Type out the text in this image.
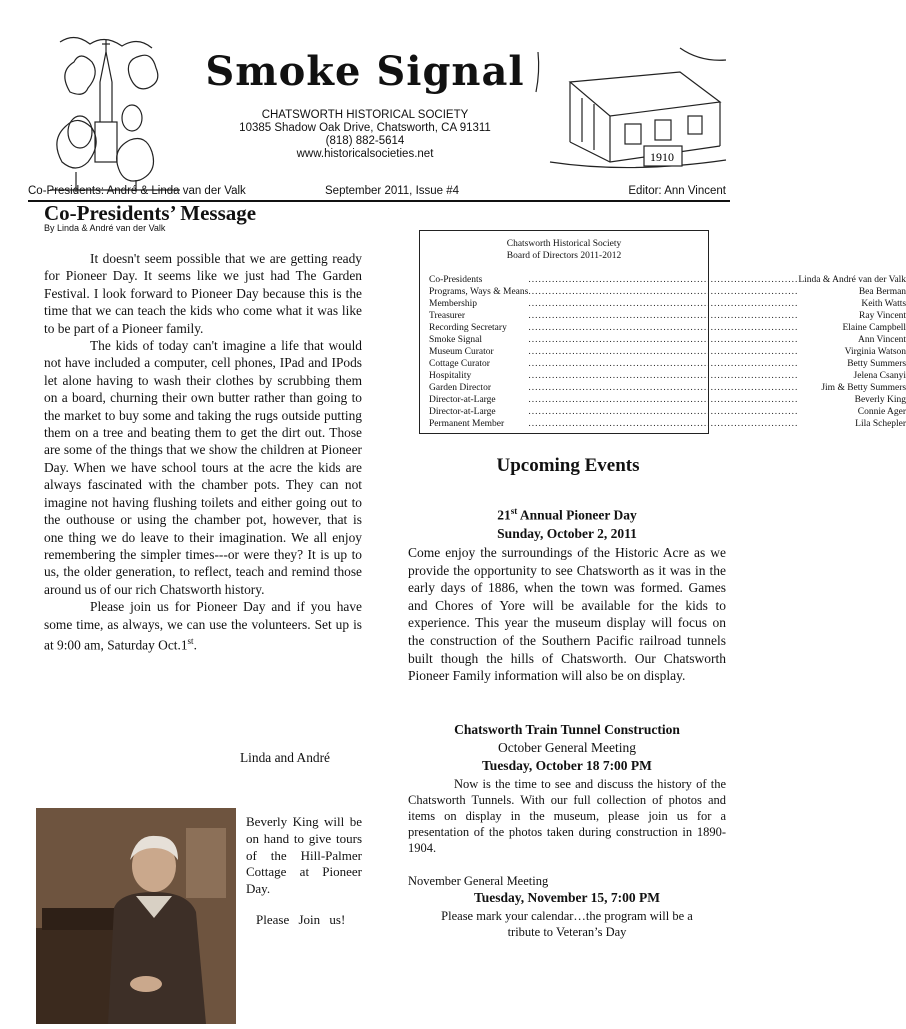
1910
Smoke Signal
CHATSWORTH HISTORICAL SOCIETY
10385 Shadow Oak Drive, Chatsworth, CA 91311
(818) 882-5614
www.historicalsocieties.net
Co-Presidents: André & Linda van der Valk	September 2011, Issue #4	Editor: Ann Vincent
Co-Presidents’ Message
By Linda & André van der Valk

It doesn't seem possible that we are getting ready for Pioneer Day. It seems like we just had The Garden Festival. I look forward to Pioneer Day because this is the time that we can teach the kids who come what it was like to be part of a Pioneer family.

The kids of today can't imagine a life that would not have included a computer, cell phones, IPad and IPods let alone having to wash their clothes by scrubbing them on a board, churning their own butter rather than going to the market to buy some and taking the rugs outside putting them on a tree and beating them to get the dirt out. Those are some of the things that we show the children at Pioneer Day. When we have school tours at the acre the kids are always fascinated with the chamber pots. They can not imagine not having flushing toilets and either going out to the outhouse or using the chamber pot, however, that is one thing we do leave to their imagination. We all enjoy remembering the simpler times---or were they? It is up to us, the older generation, to reflect, teach and remind those around us of our rich Chatsworth history.

Please join us for Pioneer Day and if you have some time, as always, we can use the volunteers. Set up is at 9:00 am, Saturday Oct.1st.

Linda and André
Beverly King will be on hand to give tours of the Hill-Palmer Cottage at Pioneer Day.
Please Join us!
Chatsworth Historical Society
Board of Directors 2011-2012
Co-Presidents	................................................................................	Linda & André van der Valk
Programs, Ways & Means	................................................................................	Bea Berman
Membership	................................................................................	Keith Watts
Treasurer	................................................................................	Ray Vincent
Recording Secretary	................................................................................	Elaine Campbell
Smoke Signal	................................................................................	Ann Vincent
Museum Curator	................................................................................	Virginia Watson
Cottage Curator	................................................................................	Betty Summers
Hospitality	................................................................................	Jelena Csanyi
Garden Director	................................................................................	Jim & Betty Summers
Director-at-Large	................................................................................	Beverly King
Director-at-Large	................................................................................	Connie Ager
Permanent Member	................................................................................	Lila Schepler
Upcoming Events
21st Annual Pioneer Day
Sunday, October 2, 2011
Come enjoy the surroundings of the Historic Acre as we provide the opportunity to see Chatsworth as it was in the early days of 1886, when the town was formed. Games and Chores of Yore will be available for the kids to experience. This year the museum display will focus on the construction of the Southern Pacific railroad tunnels built though the hills of Chatsworth. Our Chatsworth Pioneer Family information will also be on display.
Chatsworth Train Tunnel Construction
October General Meeting
Tuesday, October 18 7:00 PM
Now is the time to see and discuss the history of the Chatsworth Tunnels. With our full collection of photos and items on display in the museum, please join us for a presentation of the photos taken during construction in 1890-1904.
November General Meeting
Tuesday, November 15, 7:00 PM
Please mark your calendar…the program will be a tribute to Veteran’s Day
